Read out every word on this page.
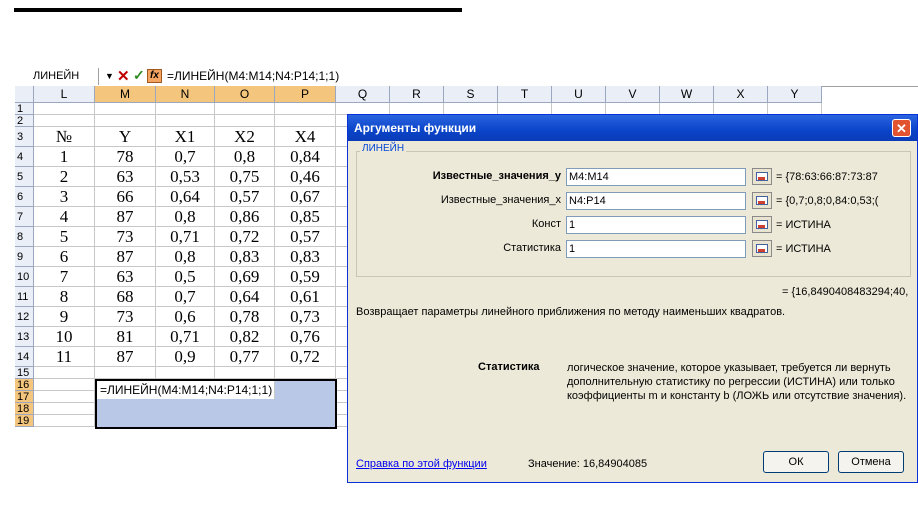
ЛИНЕЙН	▼ ✕ ✓ fx =ЛИНЕЙН(M4:M14;N4:P14;1;1)
L	M	N	O	P	Q	R	S	T	U	V	W	X	Y
1
2
3
4
5
6
7
8
9
10
11
12
13
14
15
16
17
18
19
№	Y	X1	X2	X4
1	78	0,7	0,8	0,84
2	63	0,53	0,75	0,46
3	66	0,64	0,57	0,67
4	87	0,8	0,86	0,85
5	73	0,71	0,72	0,57
6	87	0,8	0,83	0,83
7	63	0,5	0,69	0,59
8	68	0,7	0,64	0,61
9	73	0,6	0,78	0,73
10	81	0,71	0,82	0,76
11	87	0,9	0,77	0,72
=ЛИНЕЙН(M4:M14;N4:P14;1;1)
Аргументы функции	✕
ЛИНЕЙН
Известные_значения_y M4:M14	= {78:63:66:87:73:87
Известные_значения_x N4:P14	= {0,7;0,8;0,84:0,53;(
Конст 1	= ИСТИНА
Статистика 1	= ИСТИНА
= {16,8490408483294;40,
Возвращает параметры линейного приближения по методу наименьших квадратов.
Статистика	логическое значение, которое указывает, требуется ли вернуть дополнительную статистику по регрессии (ИСТИНА) или только коэффициенты m и константу b (ЛОЖЬ или отсутствие значения).
Справка по этой функции	Значение: 16,84904085	ОК	Отмена
